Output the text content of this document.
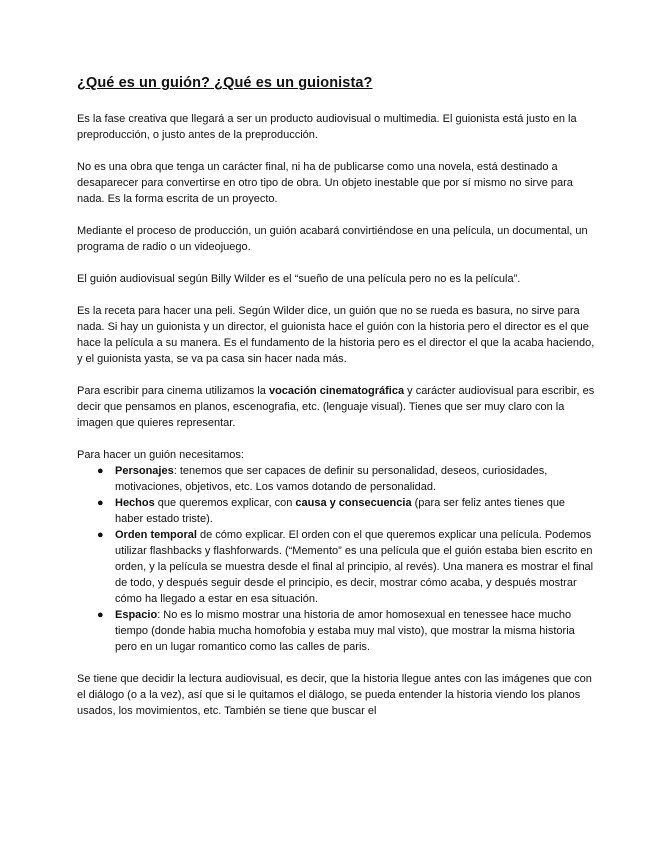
¿Qué es un guión? ¿Qué es un guionista?

Es la fase creativa que llegará a ser un producto audiovisual o multimedia. El guionista está justo en la preproducción, o justo antes de la preproducción.

No es una obra que tenga un carácter final, ni ha de publicarse como una novela, está destinado a desaparecer para convertirse en otro tipo de obra. Un objeto inestable que por sí mismo no sirve para nada. Es la forma escrita de un proyecto.

Mediante el proceso de producción, un guión acabará convirtiéndose en una película, un documental, un programa de radio o un videojuego.

El guión audiovisual según Billy Wilder es el “sueño de una película pero no es la película”.

Es la receta para hacer una peli. Según Wilder dice, un guión que no se rueda es basura, no sirve para nada. Si hay un guionista y un director, el guionista hace el guión con la historia pero el director es el que hace la película a su manera. Es el fundamento de la historia pero es el director el que la acaba haciendo, y el guionista yasta, se va pa casa sin hacer nada más.

Para escribir para cinema utilizamos la vocación cinematográfica y carácter audiovisual para escribir, es decir que pensamos en planos, escenografia, etc. (lenguaje visual). Tienes que ser muy claro con la imagen que quieres representar.

Para hacer un guión necesitamos:

● Personajes: tenemos que ser capaces de definir su personalidad, deseos, curiosidades, motivaciones, objetivos, etc. Los vamos dotando de personalidad.
● Hechos que queremos explicar, con causa y consecuencia (para ser feliz antes tienes que haber estado triste).
● Orden temporal de cómo explicar. El orden con el que queremos explicar una película. Podemos utilizar flashbacks y flashforwards. (“Memento” es una película que el guión estaba bien escrito en orden, y la película se muestra desde el final al principio, al revés). Una manera es mostrar el final de todo, y después seguir desde el principio, es decir, mostrar cómo acaba, y después mostrar cómo ha llegado a estar en esa situación.
● Espacio: No es lo mismo mostrar una historia de amor homosexual en tenessee hace mucho tiempo (donde habia mucha homofobia y estaba muy mal visto), que mostrar la misma historia pero en un lugar romantico como las calles de paris.

Se tiene que decidir la lectura audiovisual, es decir, que la historia llegue antes con las imágenes que con el diálogo (o a la vez), así que si le quitamos el diálogo, se pueda entender la historia viendo los planos usados, los movimientos, etc. También se tiene que buscar el
